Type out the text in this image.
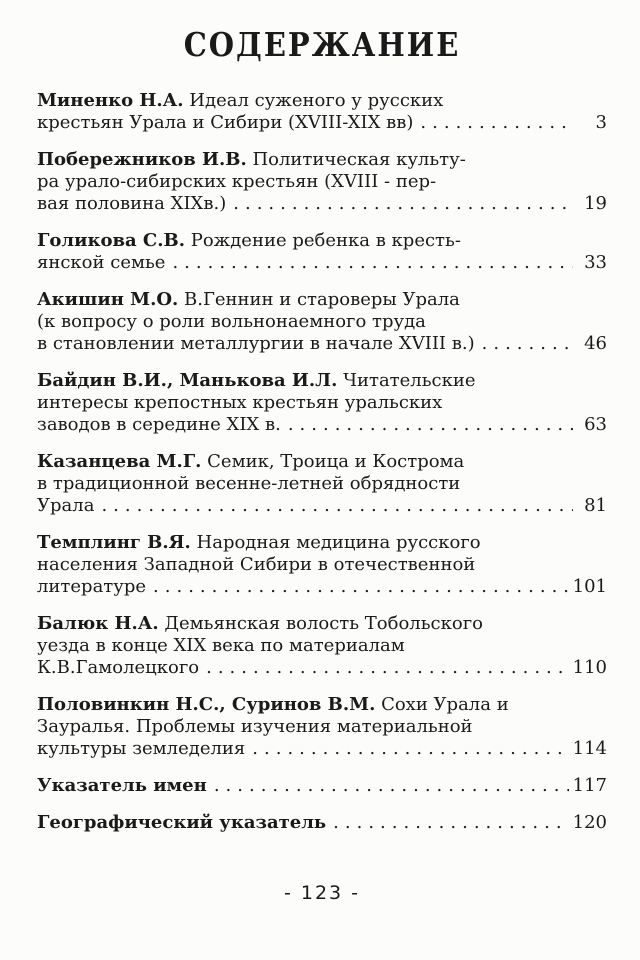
СОДЕРЖАНИЕ
Миненко Н.А. Идеал суженого у русских
крестьян Урала и Сибири (XVIII-XIX вв) .....	3
Побережников И.В. Политическая культу-
ра урало-сибирских крестьян (XVIII - пер-
вая половина XIXв.) .....	19
Голикова С.В. Рождение ребенка в кресть-
янской семье .....	33
Акишин М.О. В.Геннин и староверы Урала
(к вопросу о роли вольнонаемного труда
в становлении металлургии в начале XVIII в.) .....	46
Байдин В.И., Манькова И.Л. Читательские
интересы крепостных крестьян уральских
заводов в середине XIX в. .....	63
Казанцева М.Г. Семик, Троица и Кострома
в традиционной весенне-летней обрядности
Урала .....	81
Темплинг В.Я. Народная медицина русского
населения Западной Сибири в отечественной
литературе .....	101
Балюк Н.А. Демьянская волость Тобольского
уезда в конце XIX века по материалам
К.В.Гамолецкого .....	110
Половинкин Н.С., Суринов В.М. Сохи Урала и
Зауралья. Проблемы изучения материальной
культуры земледелия .....	114
Указатель имен .....	117
Географический указатель .....	120
- 123 -
